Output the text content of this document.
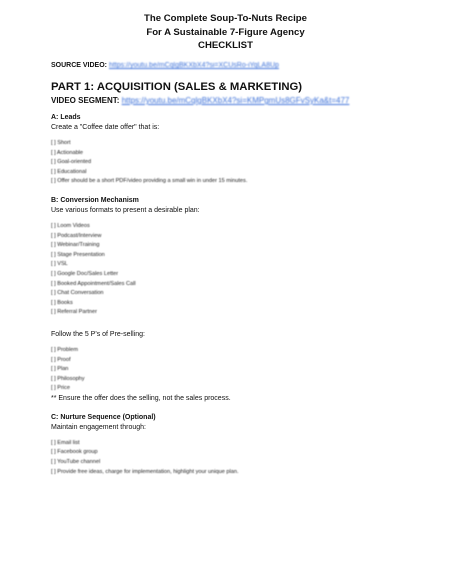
The Complete Soup-To-Nuts Recipe
For A Sustainable 7-Figure Agency
CHECKLIST
SOURCE VIDEO: https://youtu.be/mCqlgBKXbX4?si=XCUsRo-iYqLA8Up
PART 1: ACQUISITION (SALES & MARKETING)
VIDEO SEGMENT: https://youtu.be/mCqlgBKXbX4?si=KMPgmUs8GFvSyKa&t=477
A: Leads
Create a "Coffee date offer" that is:
[ ] Short
[ ] Actionable
[ ] Goal-oriented
[ ] Educational
[ ] Offer should be a short PDF/video providing a small win in under 15 minutes.
B: Conversion Mechanism
Use various formats to present a desirable plan:
[ ] Loom Videos
[ ] Podcast/Interview
[ ] Webinar/Training
[ ] Stage Presentation
[ ] VSL
[ ] Google Doc/Sales Letter
[ ] Booked Appointment/Sales Call
[ ] Chat Conversation
[ ] Books
[ ] Referral Partner
Follow the 5 P's of Pre-selling:
[ ] Problem
[ ] Proof
[ ] Plan
[ ] Philosophy
[ ] Price
** Ensure the offer does the selling, not the sales process.
C: Nurture Sequence (Optional)
Maintain engagement through:
[ ] Email list
[ ] Facebook group
[ ] YouTube channel
[ ] Provide free ideas, charge for implementation, highlight your unique plan.
